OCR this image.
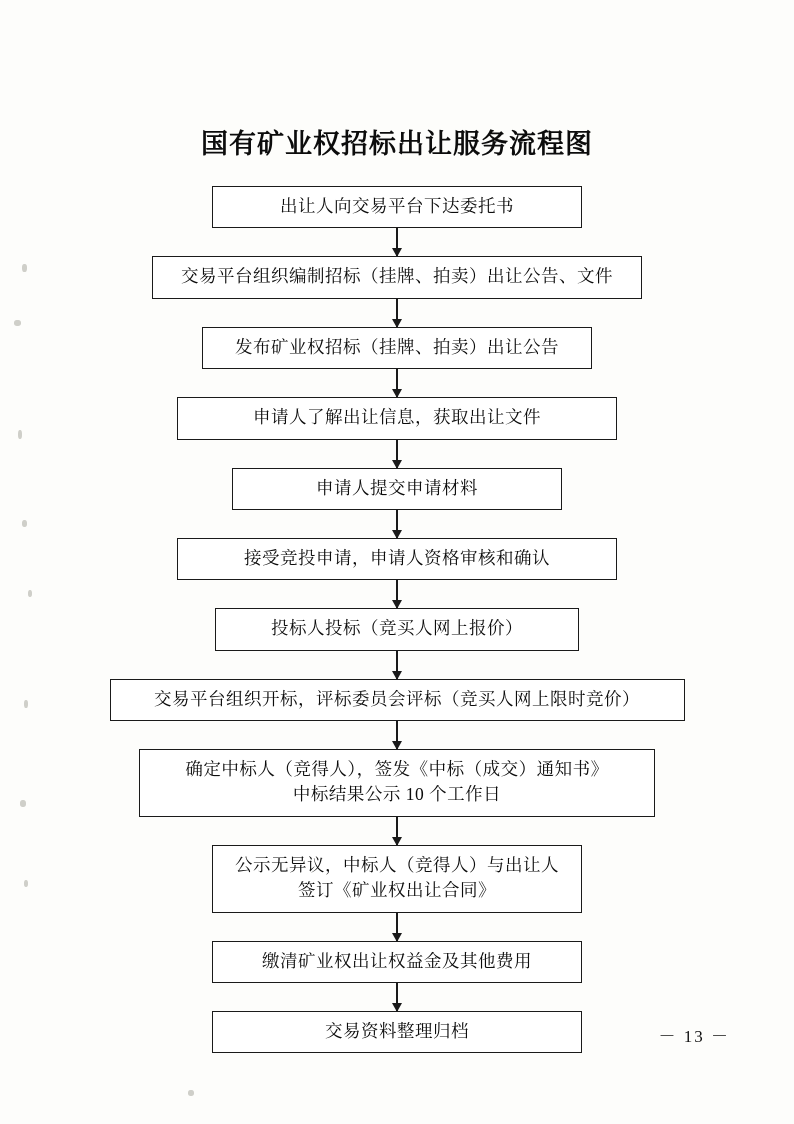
国有矿业权招标出让服务流程图
出让人向交易平台下达委托书
交易平台组织编制招标（挂牌、拍卖）出让公告、文件
发布矿业权招标（挂牌、拍卖）出让公告
申请人了解出让信息，获取出让文件
申请人提交申请材料
接受竞投申请，申请人资格审核和确认
投标人投标（竞买人网上报价）
交易平台组织开标，评标委员会评标（竞买人网上限时竞价）
确定中标人（竞得人），签发《中标（成交）通知书》
中标结果公示 10 个工作日
公示无异议，中标人（竞得人）与出让人
签订《矿业权出让合同》
缴清矿业权出让权益金及其他费用
交易资料整理归档	－ 13 －
